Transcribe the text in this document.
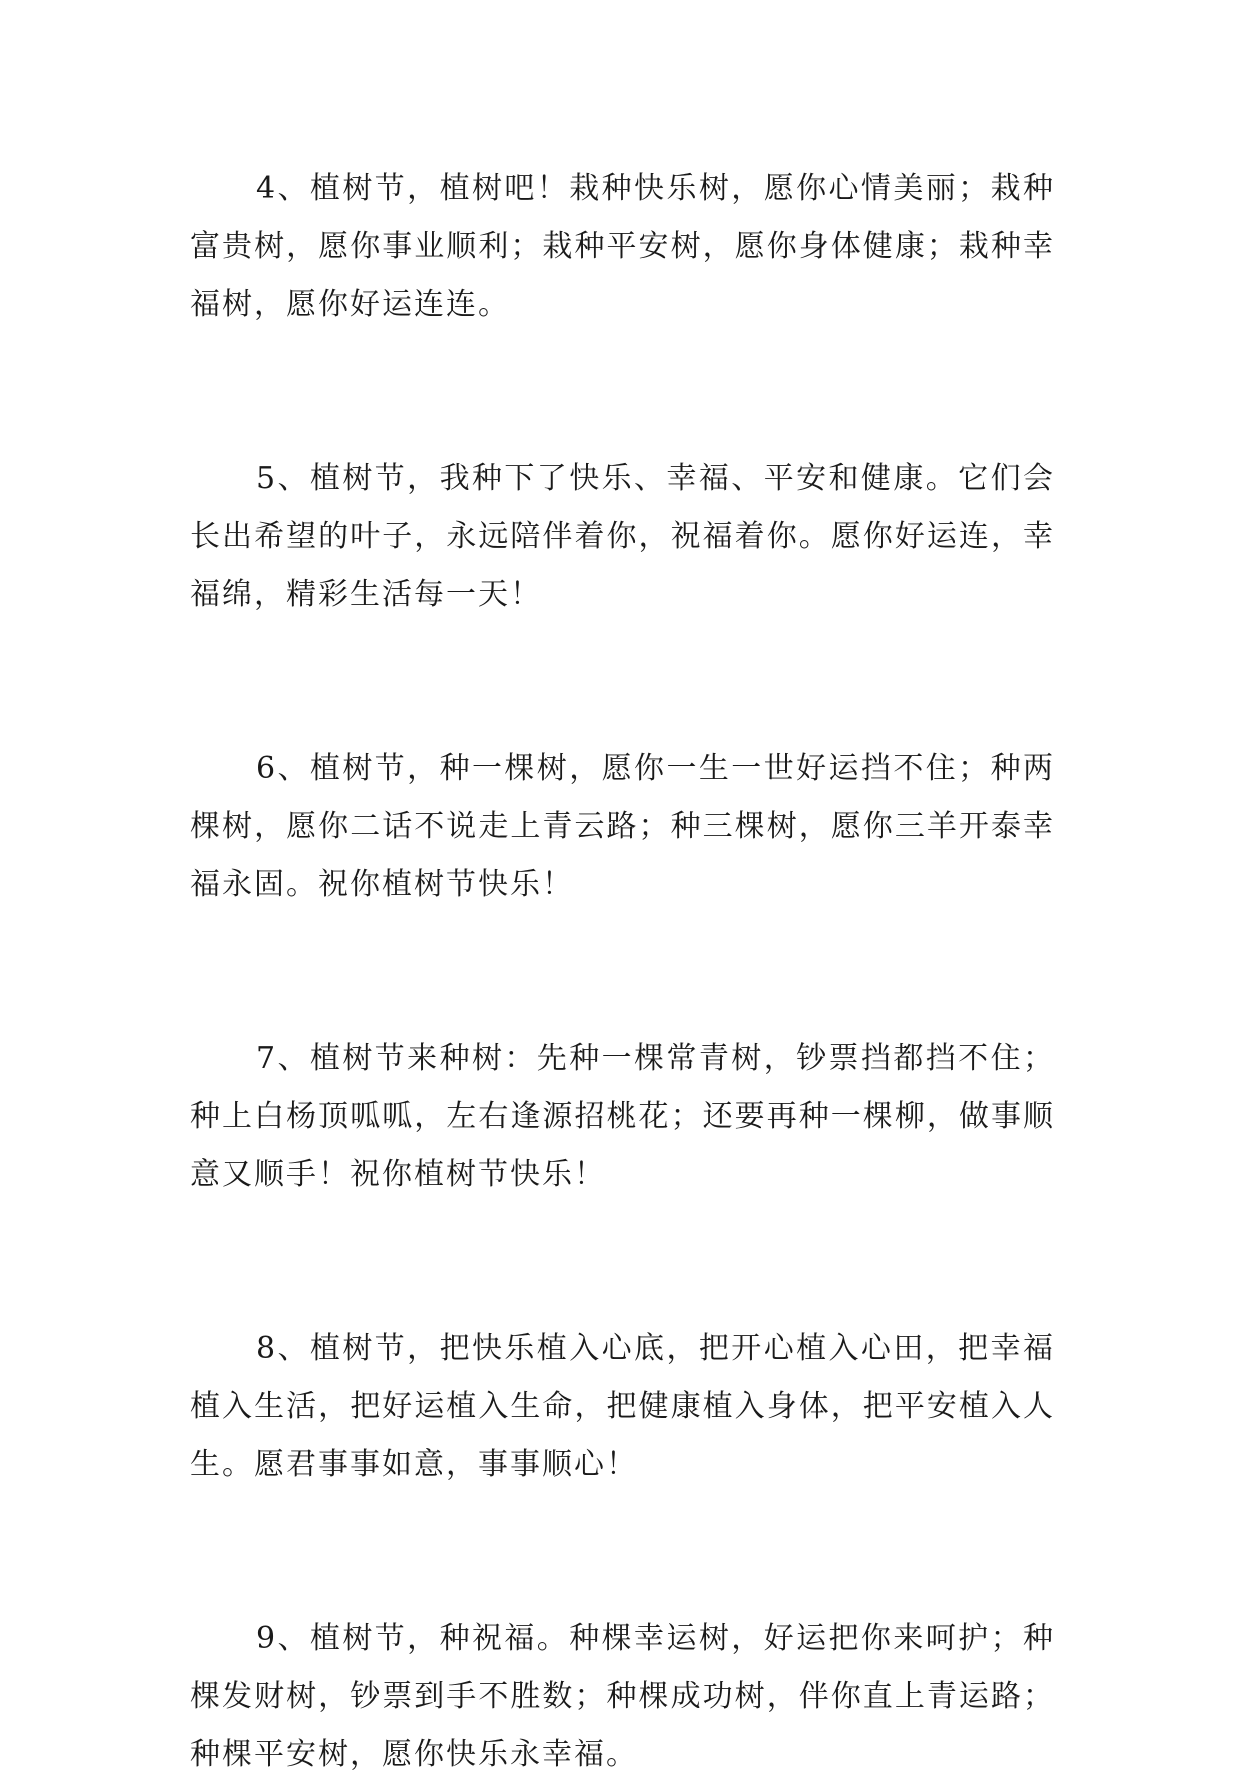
4、植树节，植树吧！栽种快乐树，愿你心情美丽；栽种富贵树，愿你事业顺利；栽种平安树，愿你身体健康；栽种幸福树，愿你好运连连。

5、植树节，我种下了快乐、幸福、平安和健康。它们会长出希望的叶子，永远陪伴着你，祝福着你。愿你好运连，幸福绵，精彩生活每一天！

6、植树节，种一棵树，愿你一生一世好运挡不住；种两棵树，愿你二话不说走上青云路；种三棵树，愿你三羊开泰幸福永固。祝你植树节快乐！

7、植树节来种树：先种一棵常青树，钞票挡都挡不住；种上白杨顶呱呱，左右逢源招桃花；还要再种一棵柳，做事顺意又顺手！祝你植树节快乐！

8、植树节，把快乐植入心底，把开心植入心田，把幸福植入生活，把好运植入生命，把健康植入身体，把平安植入人生。愿君事事如意，事事顺心！

9、植树节，种祝福。种棵幸运树，好运把你来呵护；种棵发财树，钞票到手不胜数；种棵成功树，伴你直上青运路；种棵平安树，愿你快乐永幸福。
